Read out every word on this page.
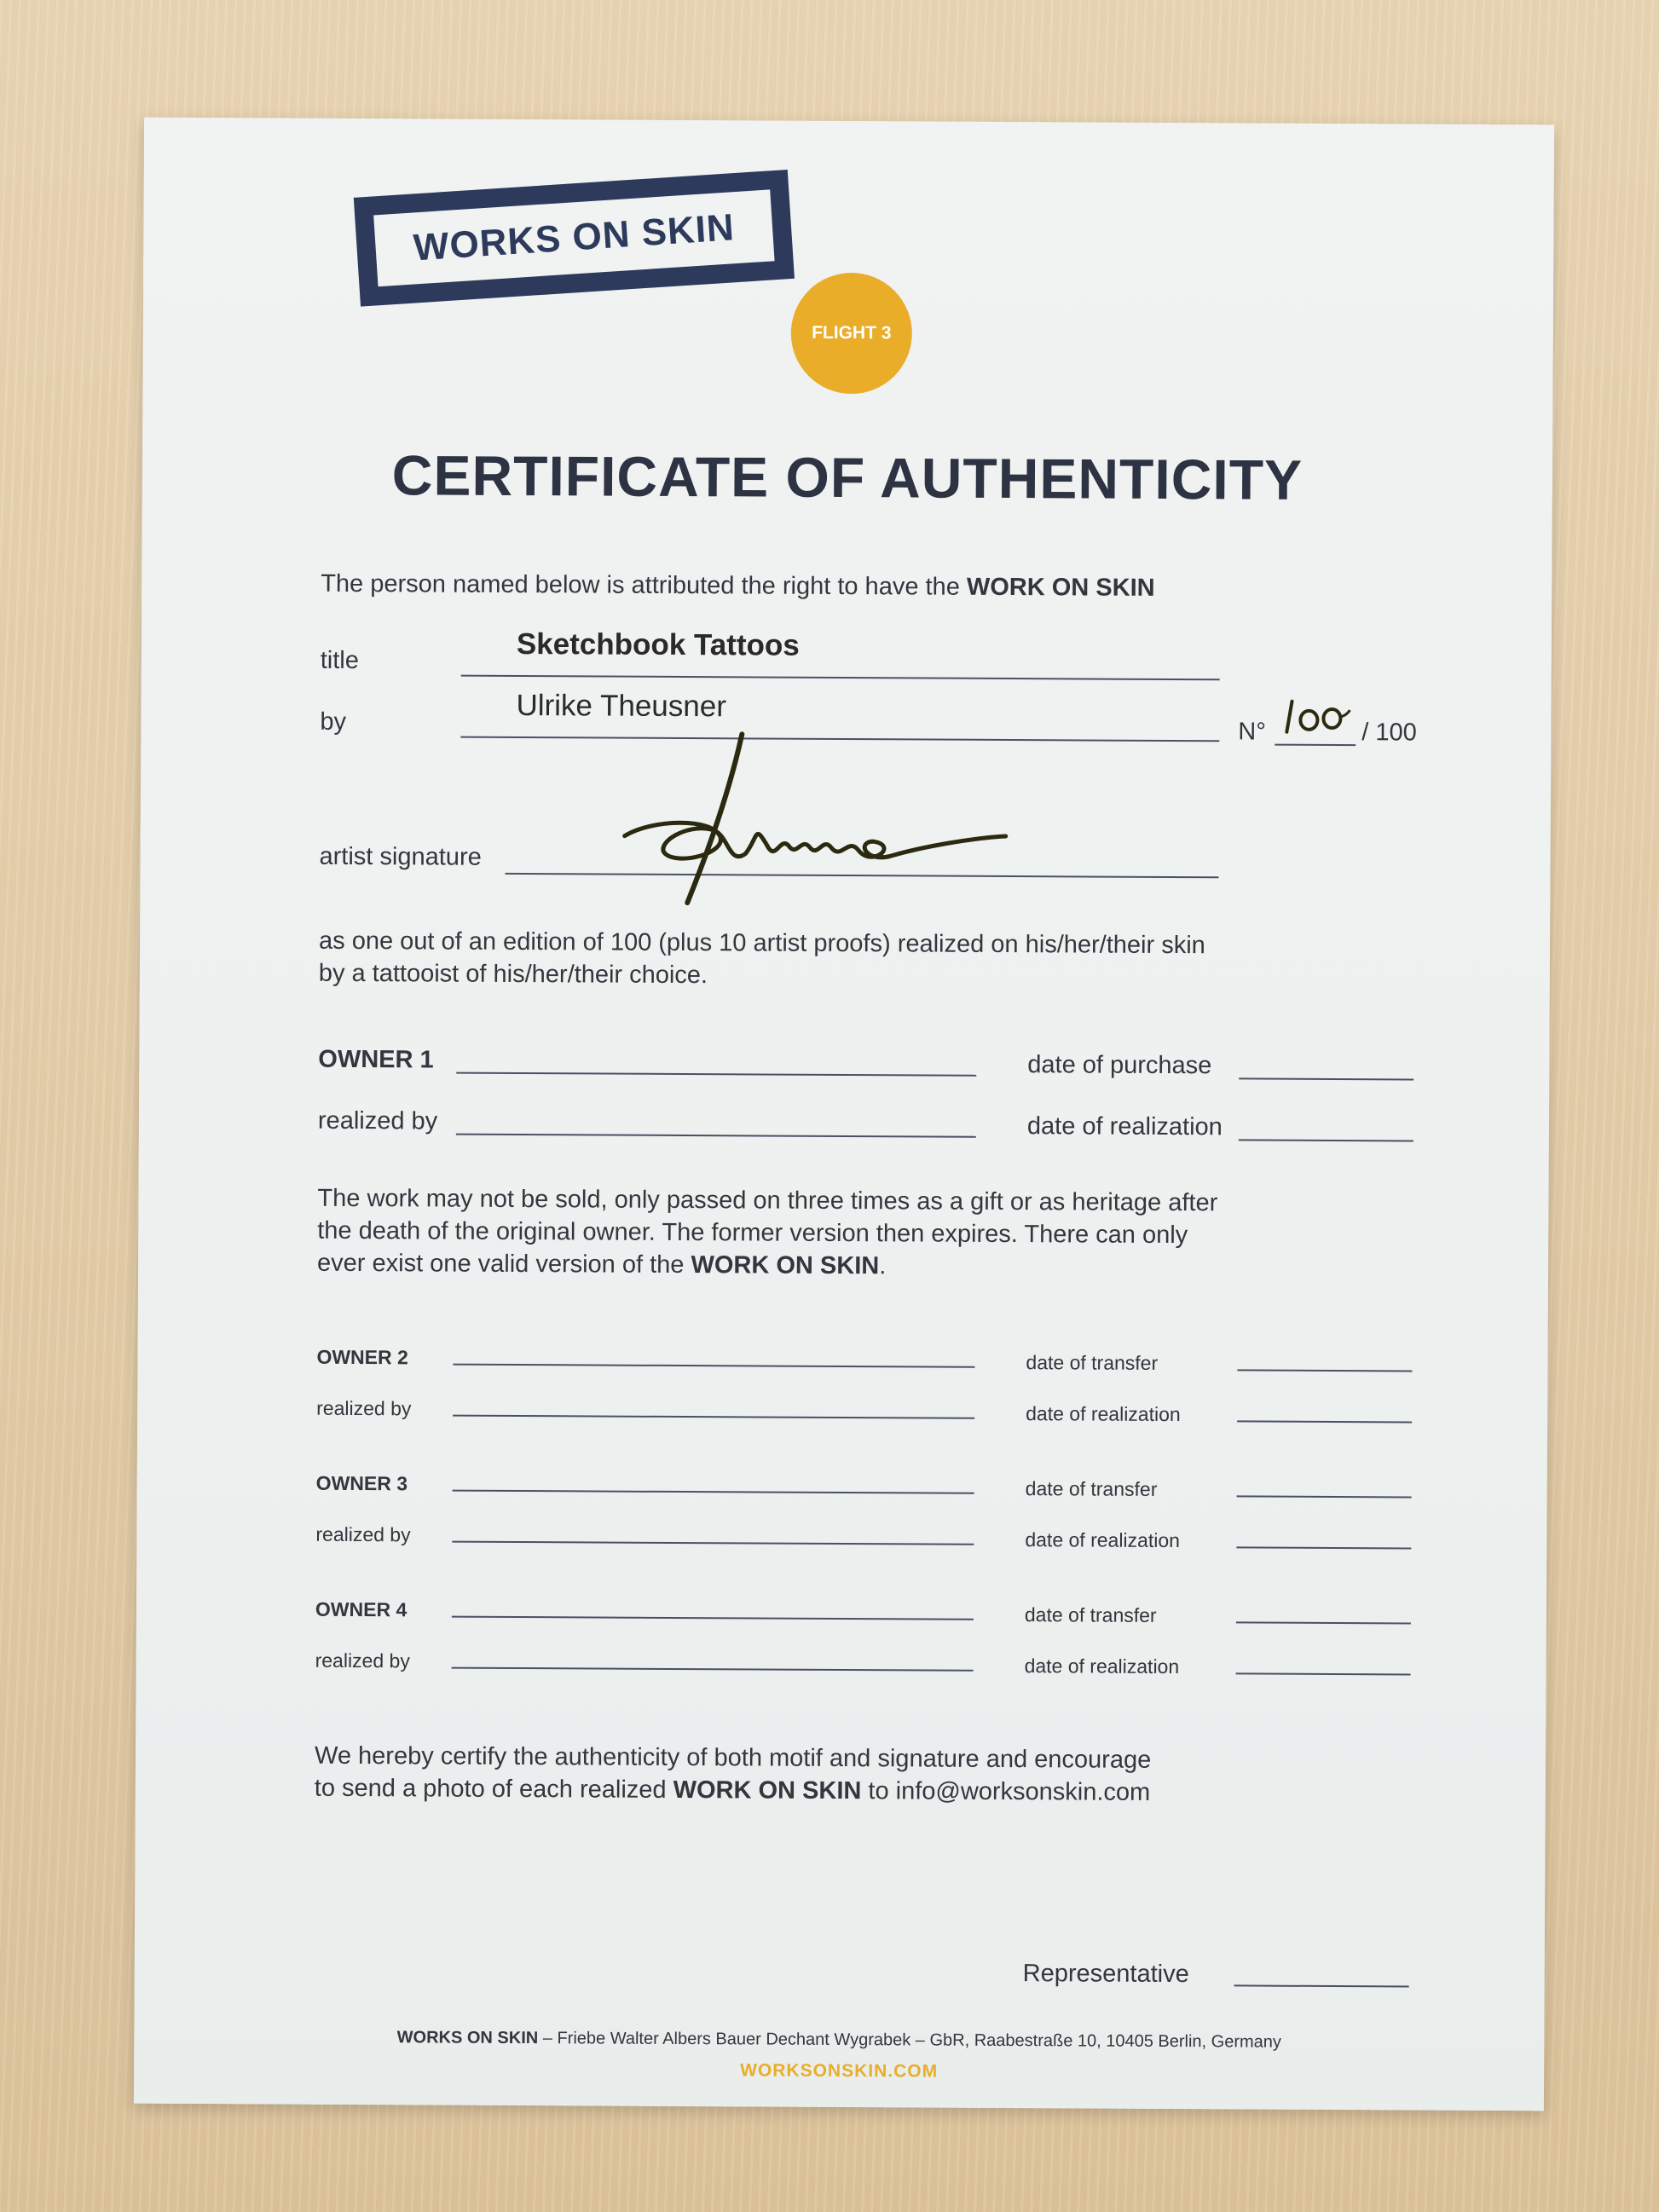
WORKS ON SKIN
FLIGHT 3
CERTIFICATE OF AUTHENTICITY
The person named below is attributed the right to have the WORK ON SKIN
title	Sketchbook Tattoos
by	Ulrike Theusner
N°	/ 100
artist signature
as one out of an edition of 100 (plus 10 artist proofs) realized on his/her/their skin
by a tattooist of his/her/their choice.
OWNER 1	date of purchase
realized by	date of realization
The work may not be sold, only passed on three times as a gift or as heritage after
the death of the original owner. The former version then expires. There can only
ever exist one valid version of the WORK ON SKIN.
OWNER 2	date of transfer
realized by	date of realization
OWNER 3	date of transfer
realized by	date of realization
OWNER 4	date of transfer
realized by	date of realization
We hereby certify the authenticity of both motif and signature and encourage
to send a photo of each realized WORK ON SKIN to info@worksonskin.com
Representative
WORKS ON SKIN – Friebe Walter Albers Bauer Dechant Wygrabek – GbR, Raabestraße 10, 10405 Berlin, Germany
WORKSONSKIN.COM
